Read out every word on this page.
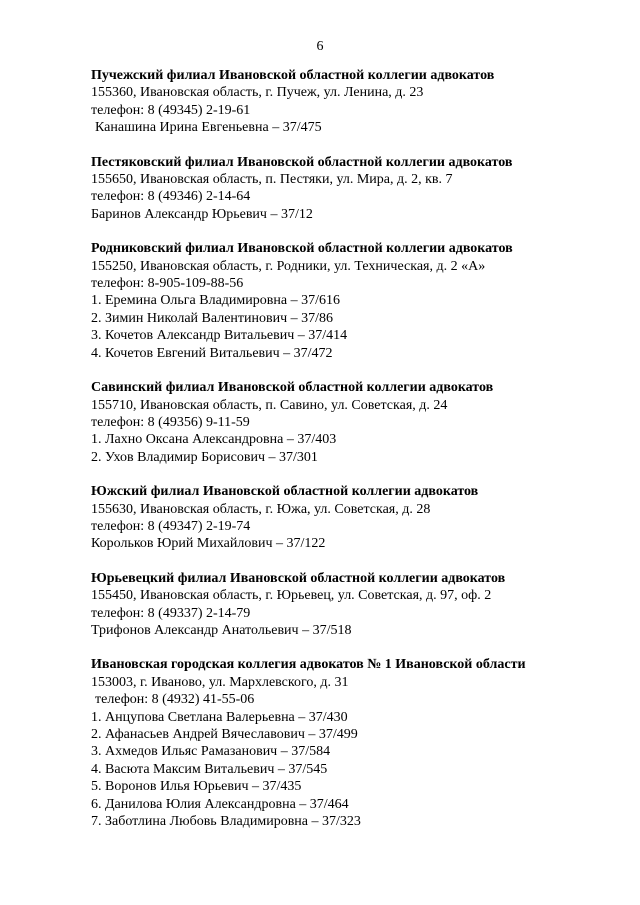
6
Пучежский филиал Ивановской областной коллегии адвокатов
155360, Ивановская область, г. Пучеж, ул. Ленина, д. 23
телефон: 8 (49345) 2-19-61
Канашина Ирина Евгеньевна – 37/475
Пестяковский филиал Ивановской областной коллегии адвокатов
155650, Ивановская область, п. Пестяки, ул. Мира, д. 2, кв. 7
телефон: 8 (49346) 2-14-64
Баринов Александр Юрьевич – 37/12
Родниковский филиал Ивановской областной коллегии адвокатов
155250, Ивановская область, г. Родники, ул. Техническая, д. 2 «А»
телефон: 8-905-109-88-56
1. Еремина Ольга Владимировна – 37/616
2. Зимин Николай Валентинович – 37/86
3. Кочетов Александр Витальевич – 37/414
4. Кочетов Евгений Витальевич – 37/472
Савинский филиал Ивановской областной коллегии адвокатов
155710, Ивановская область, п. Савино, ул. Советская, д. 24
телефон: 8 (49356) 9-11-59
1. Лахно Оксана Александровна – 37/403
2. Ухов Владимир Борисович – 37/301
Южский филиал Ивановской областной коллегии адвокатов
155630, Ивановская область, г. Южа, ул. Советская, д. 28
телефон: 8 (49347) 2-19-74
Корольков Юрий Михайлович – 37/122
Юрьевецкий филиал Ивановской областной коллегии адвокатов
155450, Ивановская область, г. Юрьевец, ул. Советская, д. 97, оф. 2
телефон: 8 (49337) 2-14-79
Трифонов Александр Анатольевич – 37/518
Ивановская городская коллегия адвокатов № 1 Ивановской области
153003, г. Иваново, ул. Мархлевского, д. 31
телефон: 8 (4932) 41-55-06
1. Анцупова Светлана Валерьевна – 37/430
2. Афанасьев Андрей Вячеславович – 37/499
3. Ахмедов Ильяс Рамазанович – 37/584
4. Васюта Максим Витальевич – 37/545
5. Воронов Илья Юрьевич – 37/435
6. Данилова Юлия Александровна – 37/464
7. Заботлина Любовь Владимировна – 37/323
